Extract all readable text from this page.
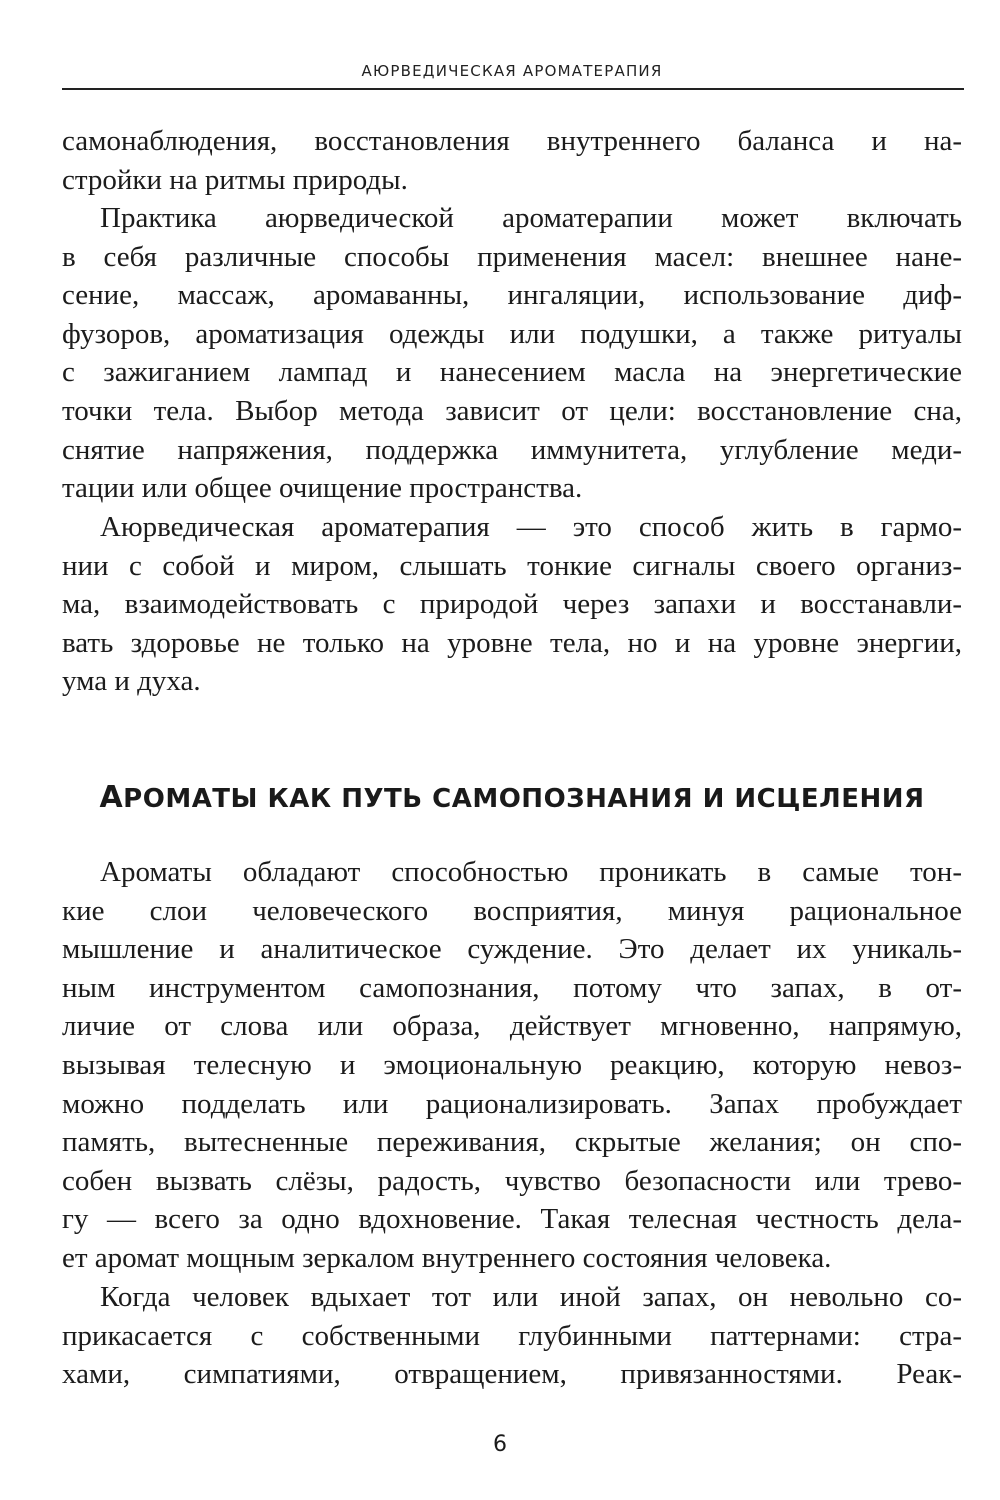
АЮРВЕДИЧЕСКАЯ АРОМАТЕРАПИЯ

самонаблюдения, восстановления внутреннего баланса и на-
стройки на ритмы природы.

Практика аюрведической ароматерапии может включать
в себя различные способы применения масел: внешнее нане-
сение, массаж, аромаванны, ингаляции, использование диф-
фузоров, ароматизация одежды или подушки, а также ритуалы
с зажиганием лампад и нанесением масла на энергетические
точки тела. Выбор метода зависит от цели: восстановление сна,
снятие напряжения, поддержка иммунитета, углубление меди-
тации или общее очищение пространства.

Аюрведическая ароматерапия — это способ жить в гармо-
нии с собой и миром, слышать тонкие сигналы своего организ-
ма, взаимодействовать с природой через запахи и восстанавли-
вать здоровье не только на уровне тела, но и на уровне энергии,
ума и духа.

АРОМАТЫ КАК ПУТЬ САМОПОЗНАНИЯ И ИСЦЕЛЕНИЯ

Ароматы обладают способностью проникать в самые тон-
кие слои человеческого восприятия, минуя рациональное
мышление и аналитическое суждение. Это делает их уникаль-
ным инструментом самопознания, потому что запах, в от-
личие от слова или образа, действует мгновенно, напрямую,
вызывая телесную и эмоциональную реакцию, которую невоз-
можно подделать или рационализировать. Запах пробуждает
память, вытесненные переживания, скрытые желания; он спо-
собен вызвать слёзы, радость, чувство безопасности или трево-
гу — всего за одно вдохновение. Такая телесная честность дела-
ет аромат мощным зеркалом внутреннего состояния человека.

Когда человек вдыхает тот или иной запах, он невольно со-
прикасается с собственными глубинными паттернами: стра-
хами, симпатиями, отвращением, привязанностями. Реак-

6
